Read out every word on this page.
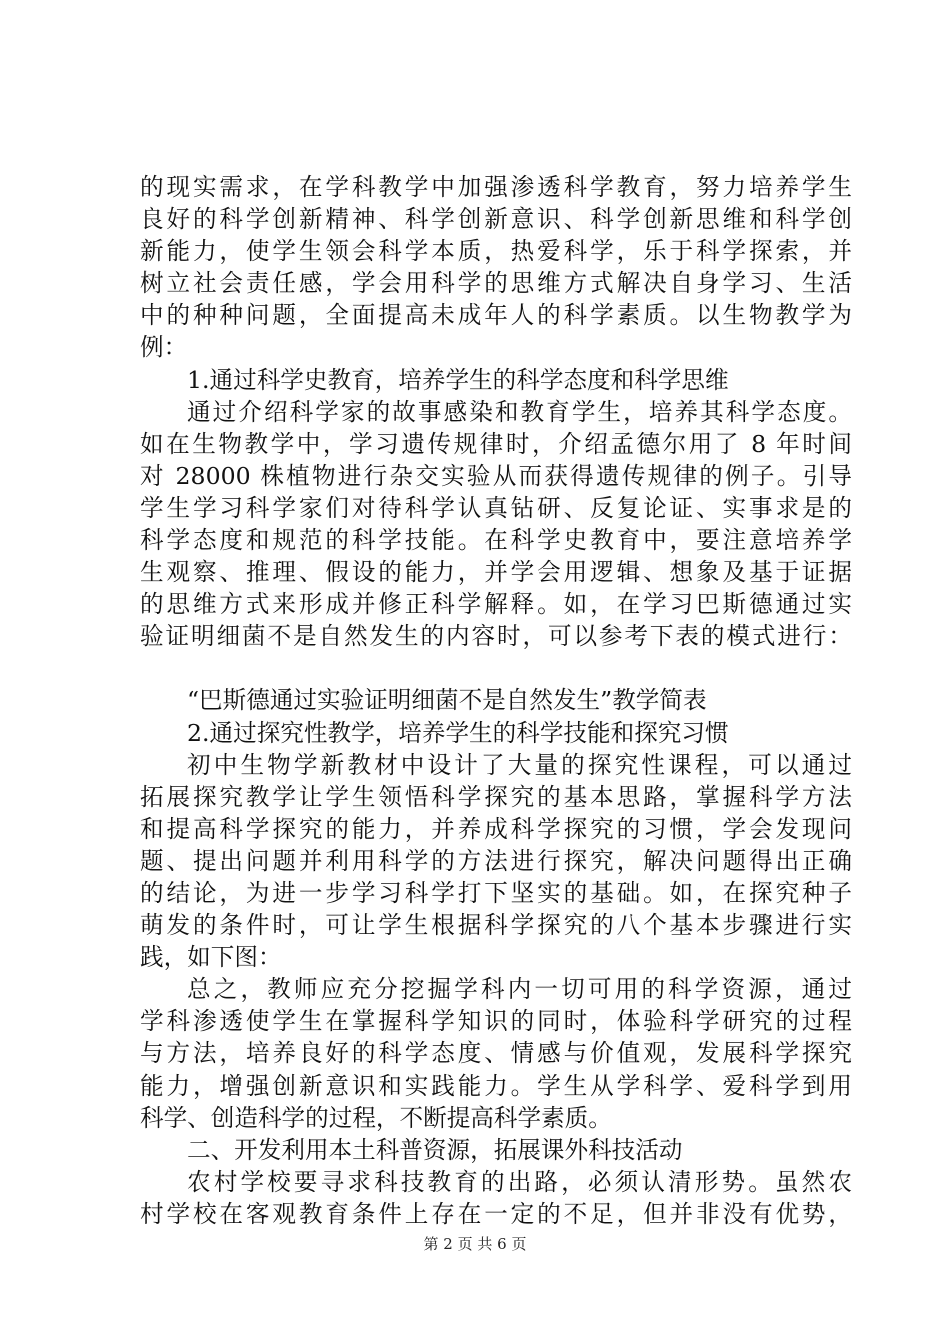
的现实需求，在学科教学中加强渗透科学教育，努力培养学生
良好的科学创新精神、科学创新意识、科学创新思维和科学创
新能力，使学生领会科学本质，热爱科学，乐于科学探索，并
树立社会责任感，学会用科学的思维方式解决自身学习、生活
中的种种问题，全面提高未成年人的科学素质。以生物教学为
例：
1.通过科学史教育，培养学生的科学态度和科学思维
通过介绍科学家的故事感染和教育学生，培养其科学态度。
如在生物教学中，学习遗传规律时，介绍孟德尔用了 8 年时间
对 28000 株植物进行杂交实验从而获得遗传规律的例子。引导
学生学习科学家们对待科学认真钻研、反复论证、实事求是的
科学态度和规范的科学技能。在科学史教育中，要注意培养学
生观察、推理、假设的能力，并学会用逻辑、想象及基于证据
的思维方式来形成并修正科学解释。如，在学习巴斯德通过实
验证明细菌不是自然发生的内容时，可以参考下表的模式进行：
“巴斯德通过实验证明细菌不是自然发生”教学简表
2.通过探究性教学，培养学生的科学技能和探究习惯
初中生物学新教材中设计了大量的探究性课程，可以通过
拓展探究教学让学生领悟科学探究的基本思路，掌握科学方法
和提高科学探究的能力，并养成科学探究的习惯，学会发现问
题、提出问题并利用科学的方法进行探究，解决问题得出正确
的结论，为进一步学习科学打下坚实的基础。如，在探究种子
萌发的条件时，可让学生根据科学探究的八个基本步骤进行实
践，如下图：
总之，教师应充分挖掘学科内一切可用的科学资源，通过
学科渗透使学生在掌握科学知识的同时，体验科学研究的过程
与方法，培养良好的科学态度、情感与价值观，发展科学探究
能力，增强创新意识和实践能力。学生从学科学、爱科学到用
科学、创造科学的过程，不断提高科学素质。
二、开发利用本土科普资源，拓展课外科技活动
农村学校要寻求科技教育的出路，必须认清形势。虽然农
村学校在客观教育条件上存在一定的不足，但并非没有优势，
第 2 页 共 6 页
